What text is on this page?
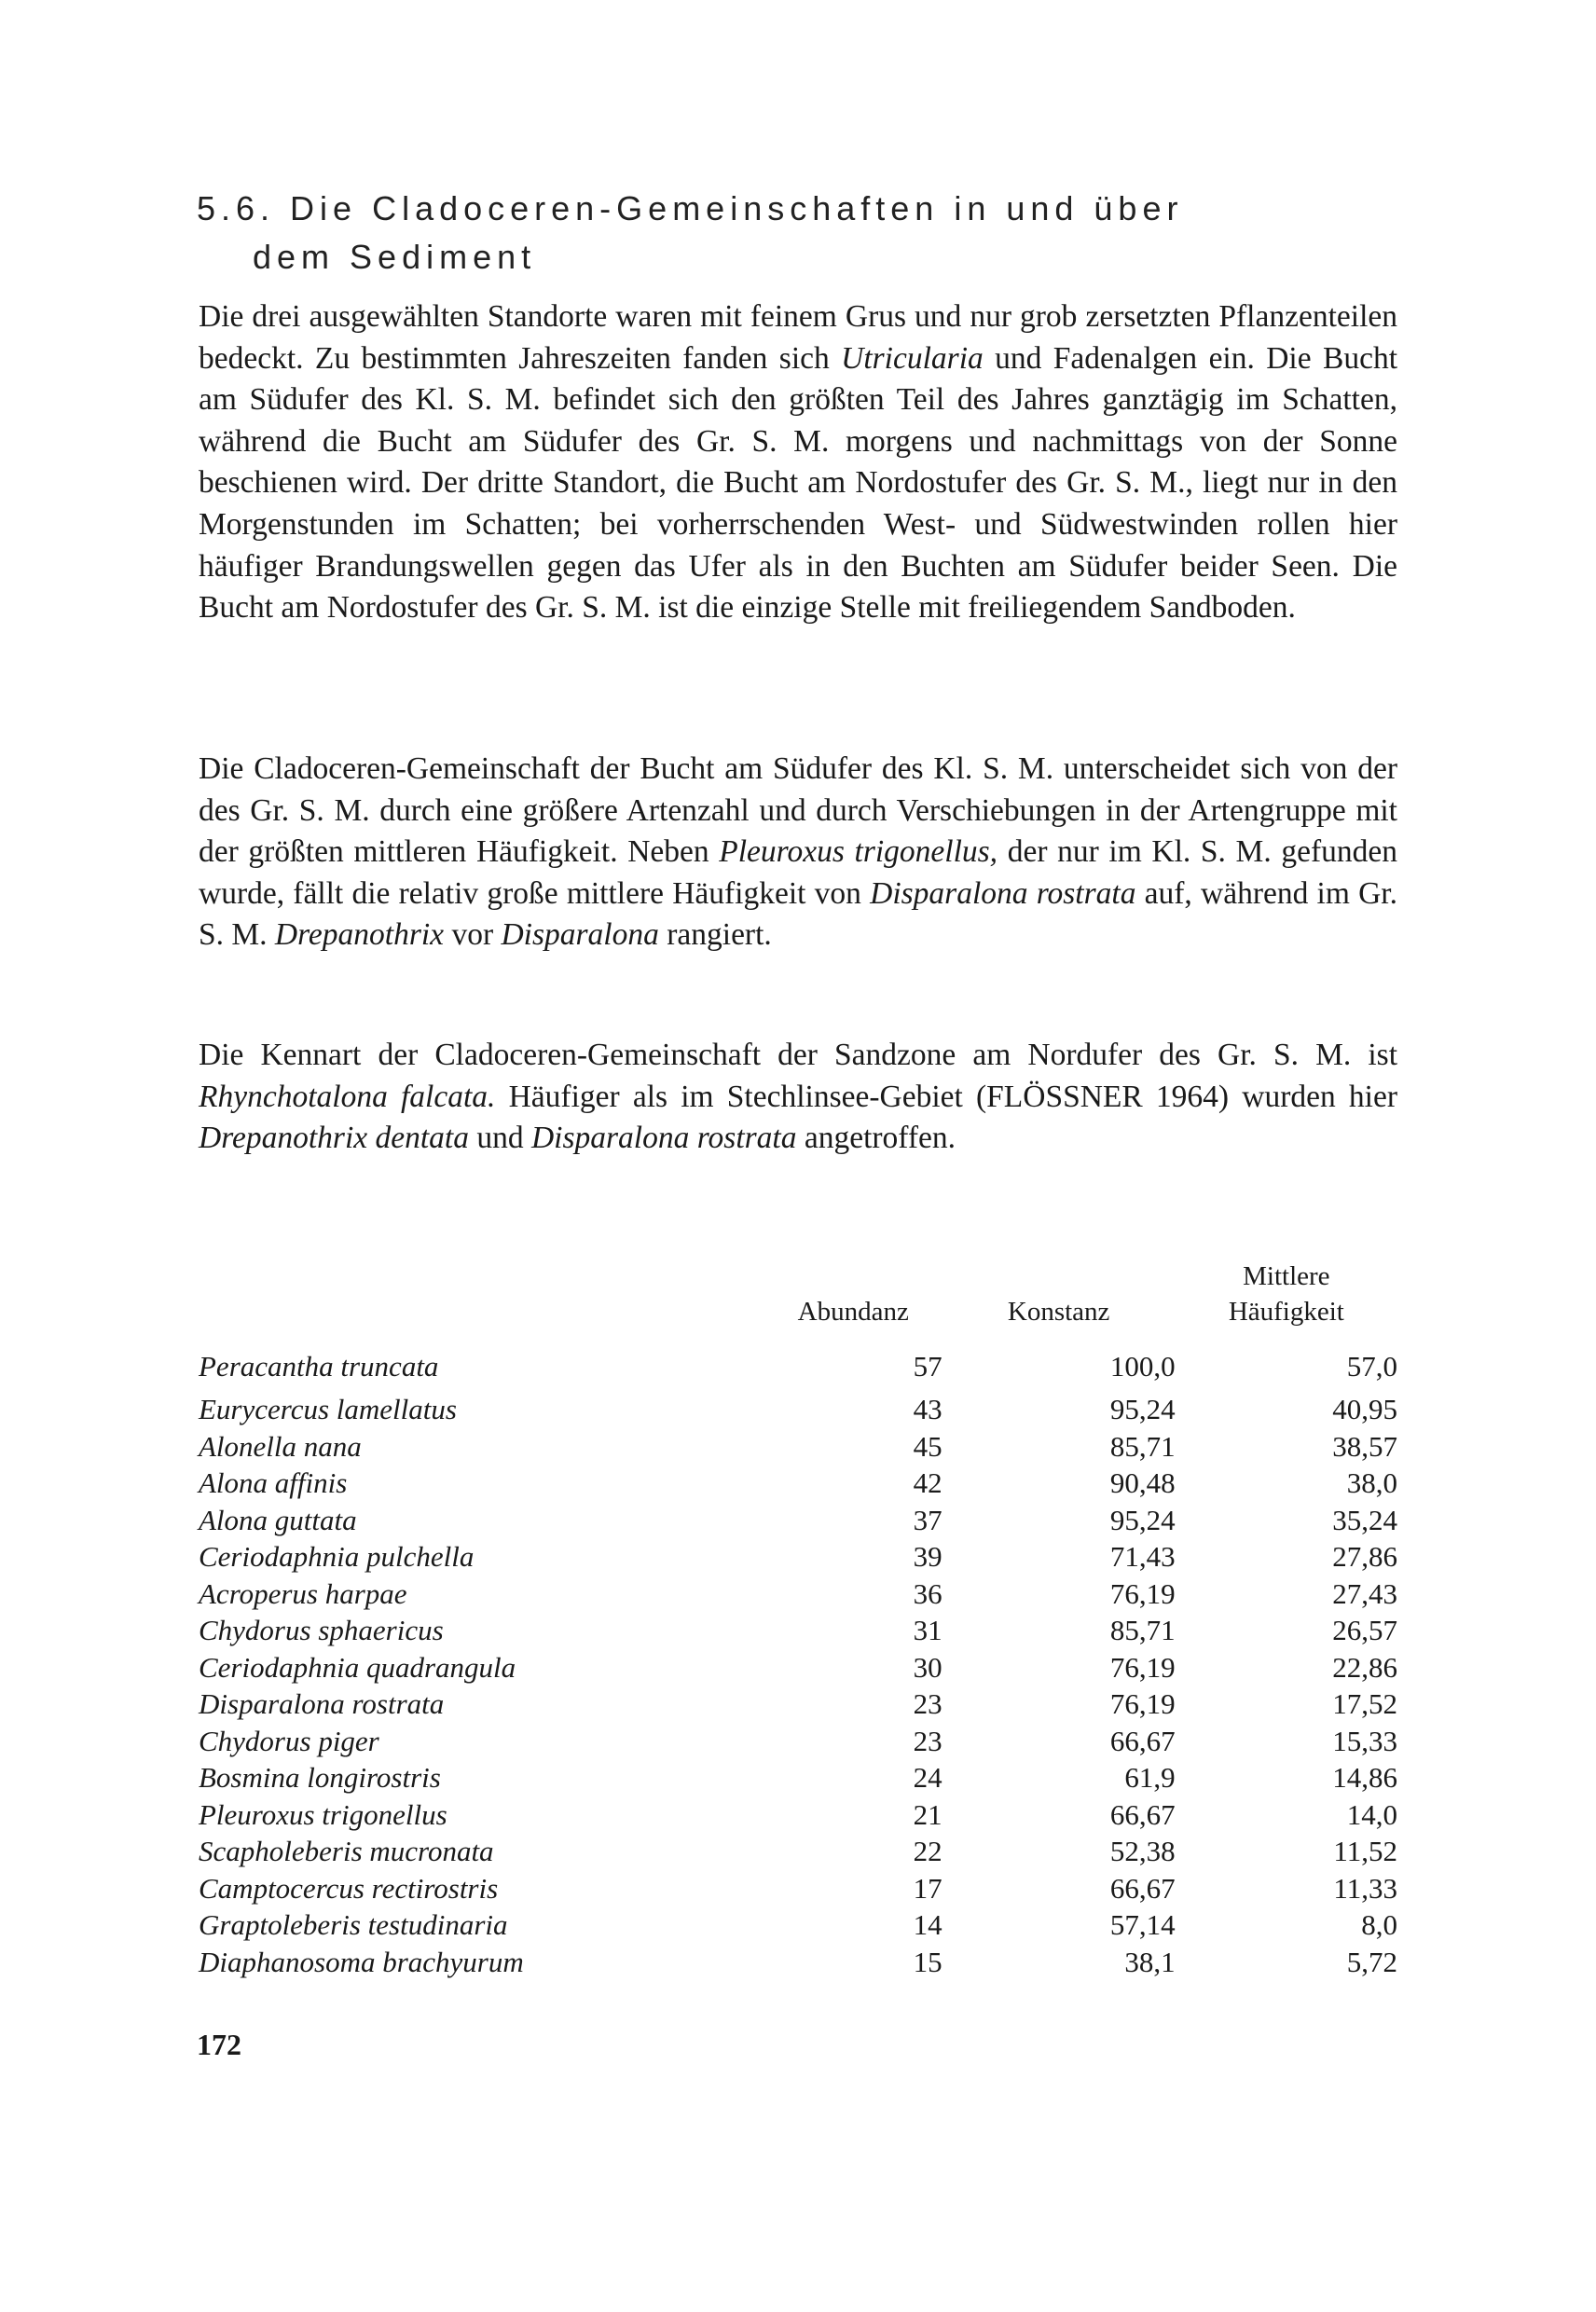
5.6. Die Cladoceren-Gemeinschaften in und über
dem Sediment

Die drei ausgewählten Standorte waren mit feinem Grus und nur grob zersetzten Pflanzenteilen bedeckt. Zu bestimmten Jahreszeiten fanden sich Utricularia und Fadenalgen ein. Die Bucht am Südufer des Kl. S. M. befindet sich den größten Teil des Jahres ganztägig im Schatten, während die Bucht am Südufer des Gr. S. M. morgens und nachmittags von der Sonne beschienen wird. Der dritte Standort, die Bucht am Nordostufer des Gr. S. M., liegt nur in den Morgenstunden im Schatten; bei vorherrschenden West- und Südwestwinden rollen hier häufiger Brandungswellen gegen das Ufer als in den Buchten am Südufer beider Seen. Die Bucht am Nordostufer des Gr. S. M. ist die einzige Stelle mit freiliegendem Sandboden.

Die Cladoceren-Gemeinschaft der Bucht am Südufer des Kl. S. M. unterscheidet sich von der des Gr. S. M. durch eine größere Artenzahl und durch Verschiebungen in der Artengruppe mit der größten mittleren Häufigkeit. Neben Pleuroxus trigonellus, der nur im Kl. S. M. gefunden wurde, fällt die relativ große mittlere Häufigkeit von Disparalona rostrata auf, während im Gr. S. M. Drepanothrix vor Disparalona rangiert.

Die Kennart der Cladoceren-Gemeinschaft der Sandzone am Nordufer des Gr. S. M. ist Rhynchotalona falcata. Häufiger als im Stechlinsee-Gebiet (FLÖSSNER 1964) wurden hier Drepanothrix dentata und Disparalona rostrata angetroffen.

	Abundanz	Konstanz	Mittlere
Häufigkeit
Peracantha truncata	57	100,0	57,0
Eurycercus lamellatus	43	95,24	40,95
Alonella nana	45	85,71	38,57
Alona affinis	42	90,48	38,0
Alona guttata	37	95,24	35,24
Ceriodaphnia pulchella	39	71,43	27,86
Acroperus harpae	36	76,19	27,43
Chydorus sphaericus	31	85,71	26,57
Ceriodaphnia quadrangula	30	76,19	22,86
Disparalona rostrata	23	76,19	17,52
Chydorus piger	23	66,67	15,33
Bosmina longirostris	24	61,9	14,86
Pleuroxus trigonellus	21	66,67	14,0
Scapholeberis mucronata	22	52,38	11,52
Camptocercus rectirostris	17	66,67	11,33
Graptoleberis testudinaria	14	57,14	8,0
Diaphanosoma brachyurum	15	38,1	5,72
172
